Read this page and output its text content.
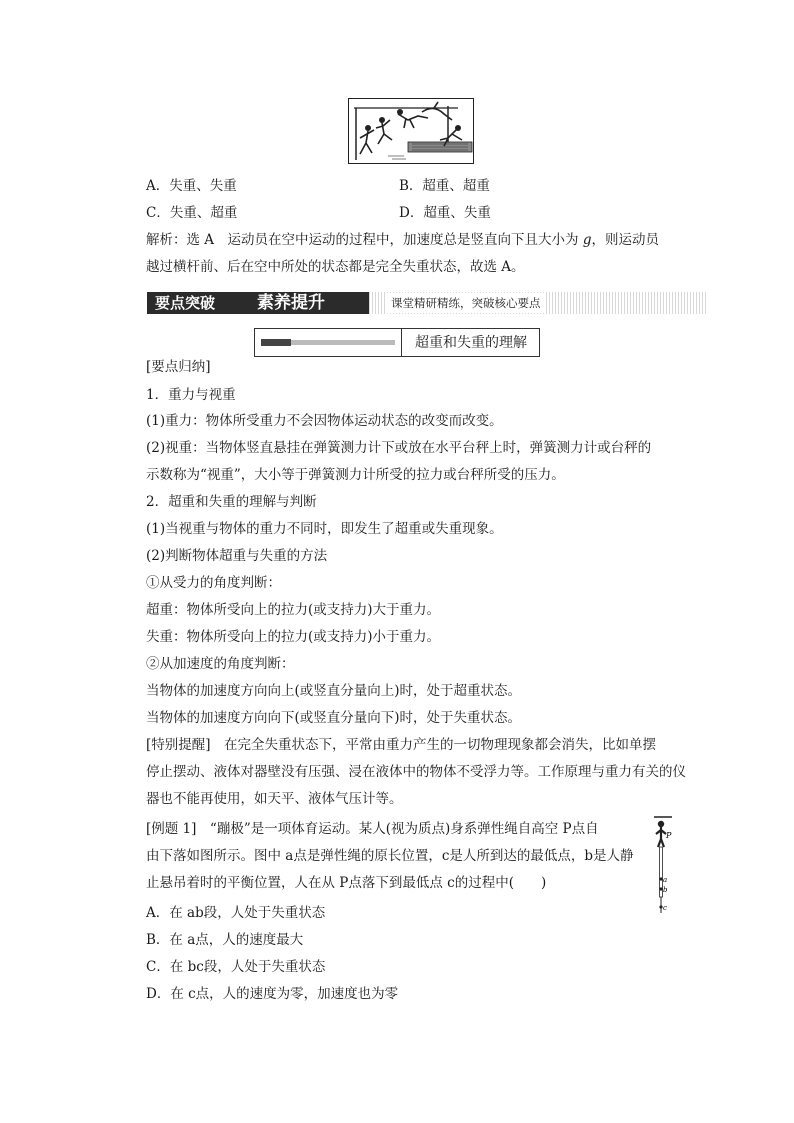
A．失重、失重	B．超重、超重
C．失重、超重	D．超重、失重
解析：选 A　运动员在空中运动的过程中，加速度总是竖直向下且大小为 g，则运动员
越过横杆前、后在空中所处的状态都是完全失重状态，故选 A。
要点突破 素养提升	课堂精研精练，突破核心要点
超重和失重的理解
[要点归纳]
1．重力与视重
(1)重力：物体所受重力不会因物体运动状态的改变而改变。
(2)视重：当物体竖直悬挂在弹簧测力计下或放在水平台秤上时，弹簧测力计或台秤的
示数称为“视重”，大小等于弹簧测力计所受的拉力或台秤所受的压力。
2．超重和失重的理解与判断
(1)当视重与物体的重力不同时，即发生了超重或失重现象。
(2)判断物体超重与失重的方法
①从受力的角度判断：
超重：物体所受向上的拉力(或支持力)大于重力。
失重：物体所受向上的拉力(或支持力)小于重力。
②从加速度的角度判断：
当物体的加速度方向向上(或竖直分量向上)时，处于超重状态。
当物体的加速度方向向下(或竖直分量向下)时，处于失重状态。
[特别提醒]　在完全失重状态下，平常由重力产生的一切物理现象都会消失，比如单摆
停止摆动、液体对器壁没有压强、浸在液体中的物体不受浮力等。工作原理与重力有关的仪
器也不能再使用，如天平、液体气压计等。
[例题 1]　“蹦极”是一项体育运动。某人(视为质点)身系弹性绳自高空 P点自
由下落如图所示。图中 a点是弹性绳的原长位置，c是人所到达的最低点，b是人静
止悬吊着时的平衡位置，人在从 P点落下到最低点 c的过程中(　　)
A．在 ab段，人处于失重状态
B．在 a点，人的速度最大
C．在 bc段，人处于失重状态
D．在 c点，人的速度为零，加速度也为零
P
a
b
c
